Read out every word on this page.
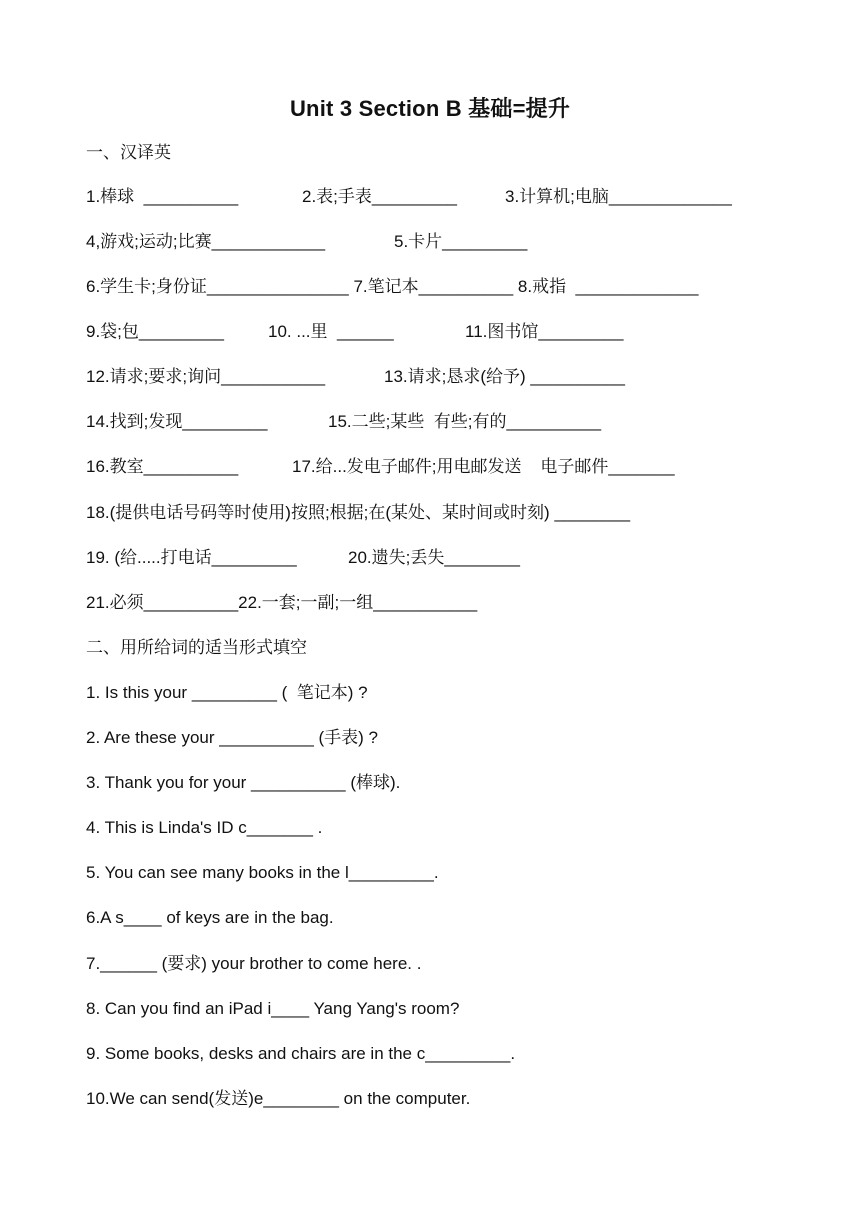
Unit 3 Section B 基础=提升
一、汉译英

1.棒球  __________

	2.表;手表_________

	3.计算机;电脑_____________

4,游戏;运动;比赛____________

	5.卡片_________

6.学生卡;身份证_______________ 7.笔记本__________ 8.戒指  _____________

9.袋;包_________

	10. ...里  ______

	11.图书馆_________

12.请求;要求;询问___________

	13.请求;恳求(给予) __________

14.找到;发现_________

	15.二些;某些  有些;有的__________

16.教室__________

	17.给...发电子邮件;用电邮发送    电子邮件_______

18.(提供电话号码等时使用)按照;根据;在(某处、某时间或时刻) ________

19. (给.....打电话_________

	20.遗失;丢失________

21.必须__________22.一套;一副;一组___________

二、用所给词的适当形式填空
1. Is this your _________ (  笔记本) ?
2. Are these your __________ (手表) ?
3. Thank you for your __________ (棒球).
4. This is Linda's ID c_______ .
5. You can see many books in the l_________.
6.A s____ of keys are in the bag.
7.______ (要求) your brother to come here. .
8. Can you find an iPad i____ Yang Yang's room?
9. Some books, desks and chairs are in the c_________.
10.We can send(发送)e________ on the computer.
